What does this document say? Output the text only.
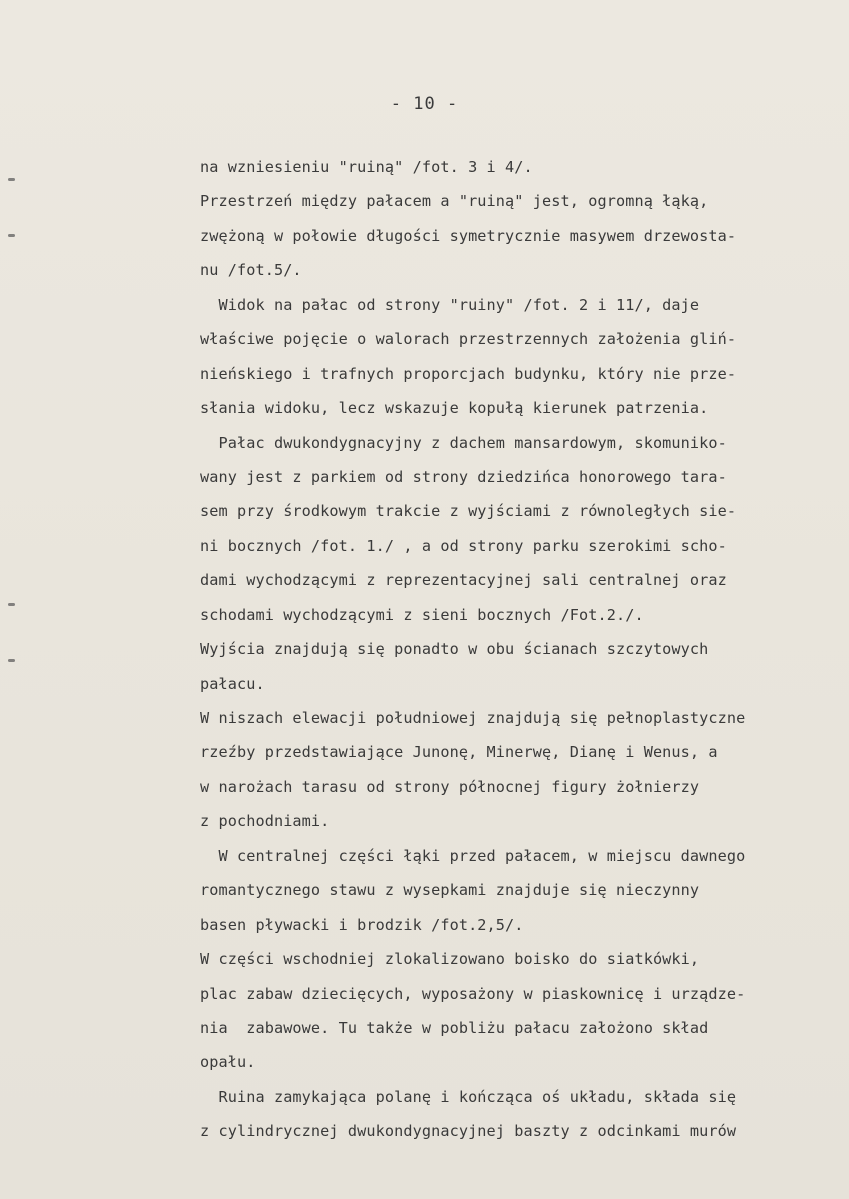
- 10 -
na wzniesieniu "ruiną" /fot. 3 i 4/.
Przestrzeń między pałacem a "ruiną" jest, ogromną łąką,
zwężoną w połowie długości symetrycznie masywem drzewosta-
nu /fot.5/.
Widok na pałac od strony "ruiny" /fot. 2 i 11/, daje
właściwe pojęcie o walorach przestrzennych założenia gliń-
nieńskiego i trafnych proporcjach budynku, który nie prze-
słania widoku, lecz wskazuje kopułą kierunek patrzenia.
Pałac dwukondygnacyjny z dachem mansardowym, skomuniko-
wany jest z parkiem od strony dziedzińca honorowego tara-
sem przy środkowym trakcie z wyjściami z równoległych sie-
ni bocznych /fot. 1./ , a od strony parku szerokimi scho-
dami wychodzącymi z reprezentacyjnej sali centralnej oraz
schodami wychodzącymi z sieni bocznych /Fot.2./.
Wyjścia znajdują się ponadto w obu ścianach szczytowych
pałacu.
W niszach elewacji południowej znajdują się pełnoplastyczne
rzeźby przedstawiające Junonę, Minerwę, Dianę i Wenus, a
w narożach tarasu od strony północnej figury żołnierzy
z pochodniami.
W centralnej części łąki przed pałacem, w miejscu dawnego
romantycznego stawu z wysepkami znajduje się nieczynny
basen pływacki i brodzik /fot.2,5/.
W części wschodniej zlokalizowano boisko do siatkówki,
plac zabaw dziecięcych, wyposażony w piaskownicę i urządze-
nia  zabawowe. Tu także w pobliżu pałacu założono skład
opału.
Ruina zamykająca polanę i kończąca oś układu, składa się
z cylindrycznej dwukondygnacyjnej baszty z odcinkami murów
